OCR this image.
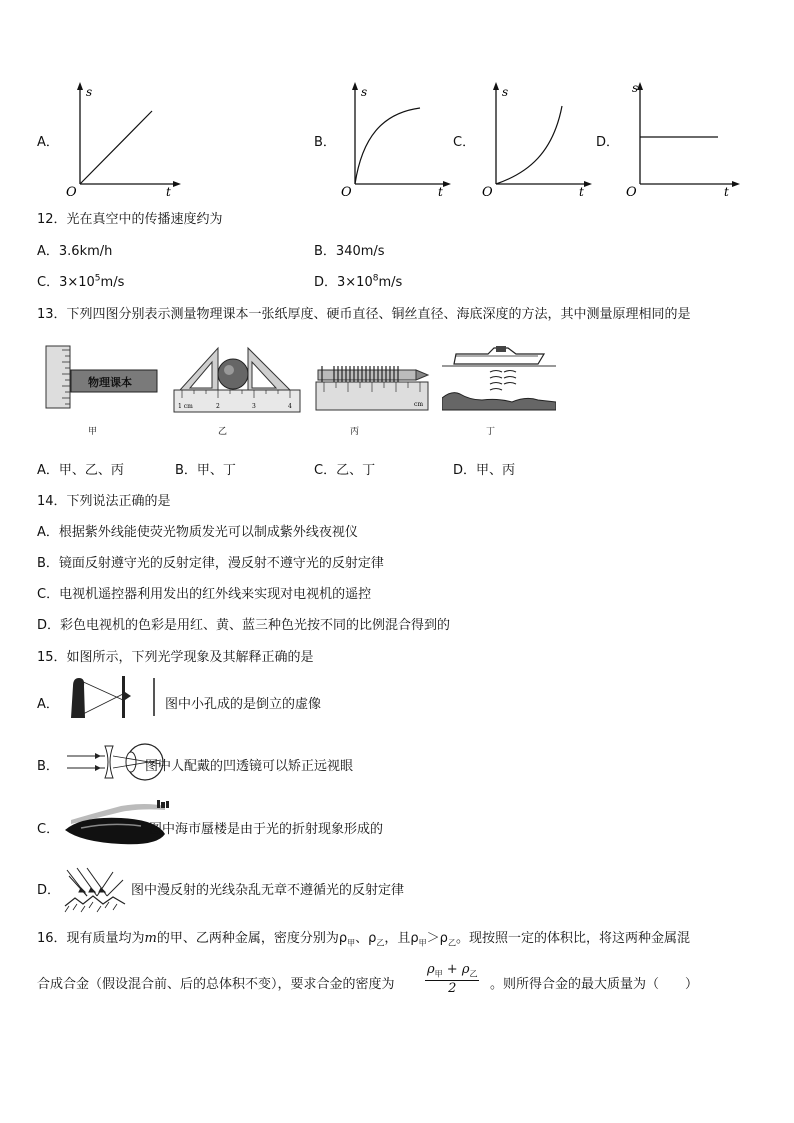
A．
s
O	t
B．
s
O	t
C．
s
O	t
D．
s
O	t
12．光在真空中的传播速度约为
A．3.6km/h	B．340m/s
C．$3\times 10^5m/s$	D．$3\times 10^8m/s$
13．下列四图分别表示测量物理课本一张纸厚度、硬币直径、铜丝直径、海底深度的方法，其中测量原理相同的是
物理课本
甲
1 cm	2	3	4
乙
cm
丙	丁
A．甲、乙、丙	B．甲、丁	C．乙、丁	D．甲、丙
14．下列说法正确的是
A．根据紫外线能使荧光物质发光可以制成紫外线夜视仪
B．镜面反射遵守光的反射定律，漫反射不遵守光的反射定律
C．电视机遥控器利用发出的红外线来实现对电视机的遥控
D．彩色电视机的色彩是用红、黄、蓝三种色光按不同的比例混合得到的
15．如图所示，下列光学现象及其解释正确的是
A．	图中小孔成的是倒立的虚像
B．	图中人配戴的凹透镜可以矫正远视眼
C．	图中海市蜃楼是由于光的折射现象形成的
D．	图中漫反射的光线杂乱无章不遵循光的反射定律
16．现有质量均为m的甲、乙两种金属，密度分别为$\rho_甲$、$\rho_乙$，且$\rho_甲>\rho_乙$。现按照一定的体积比，将这两种金属混
合成合金（假设混合前、后的总体积不变），要求合金的密度为
$\rho_甲 + \rho_乙$
2	。则所得合金的最大质量为（　　）
